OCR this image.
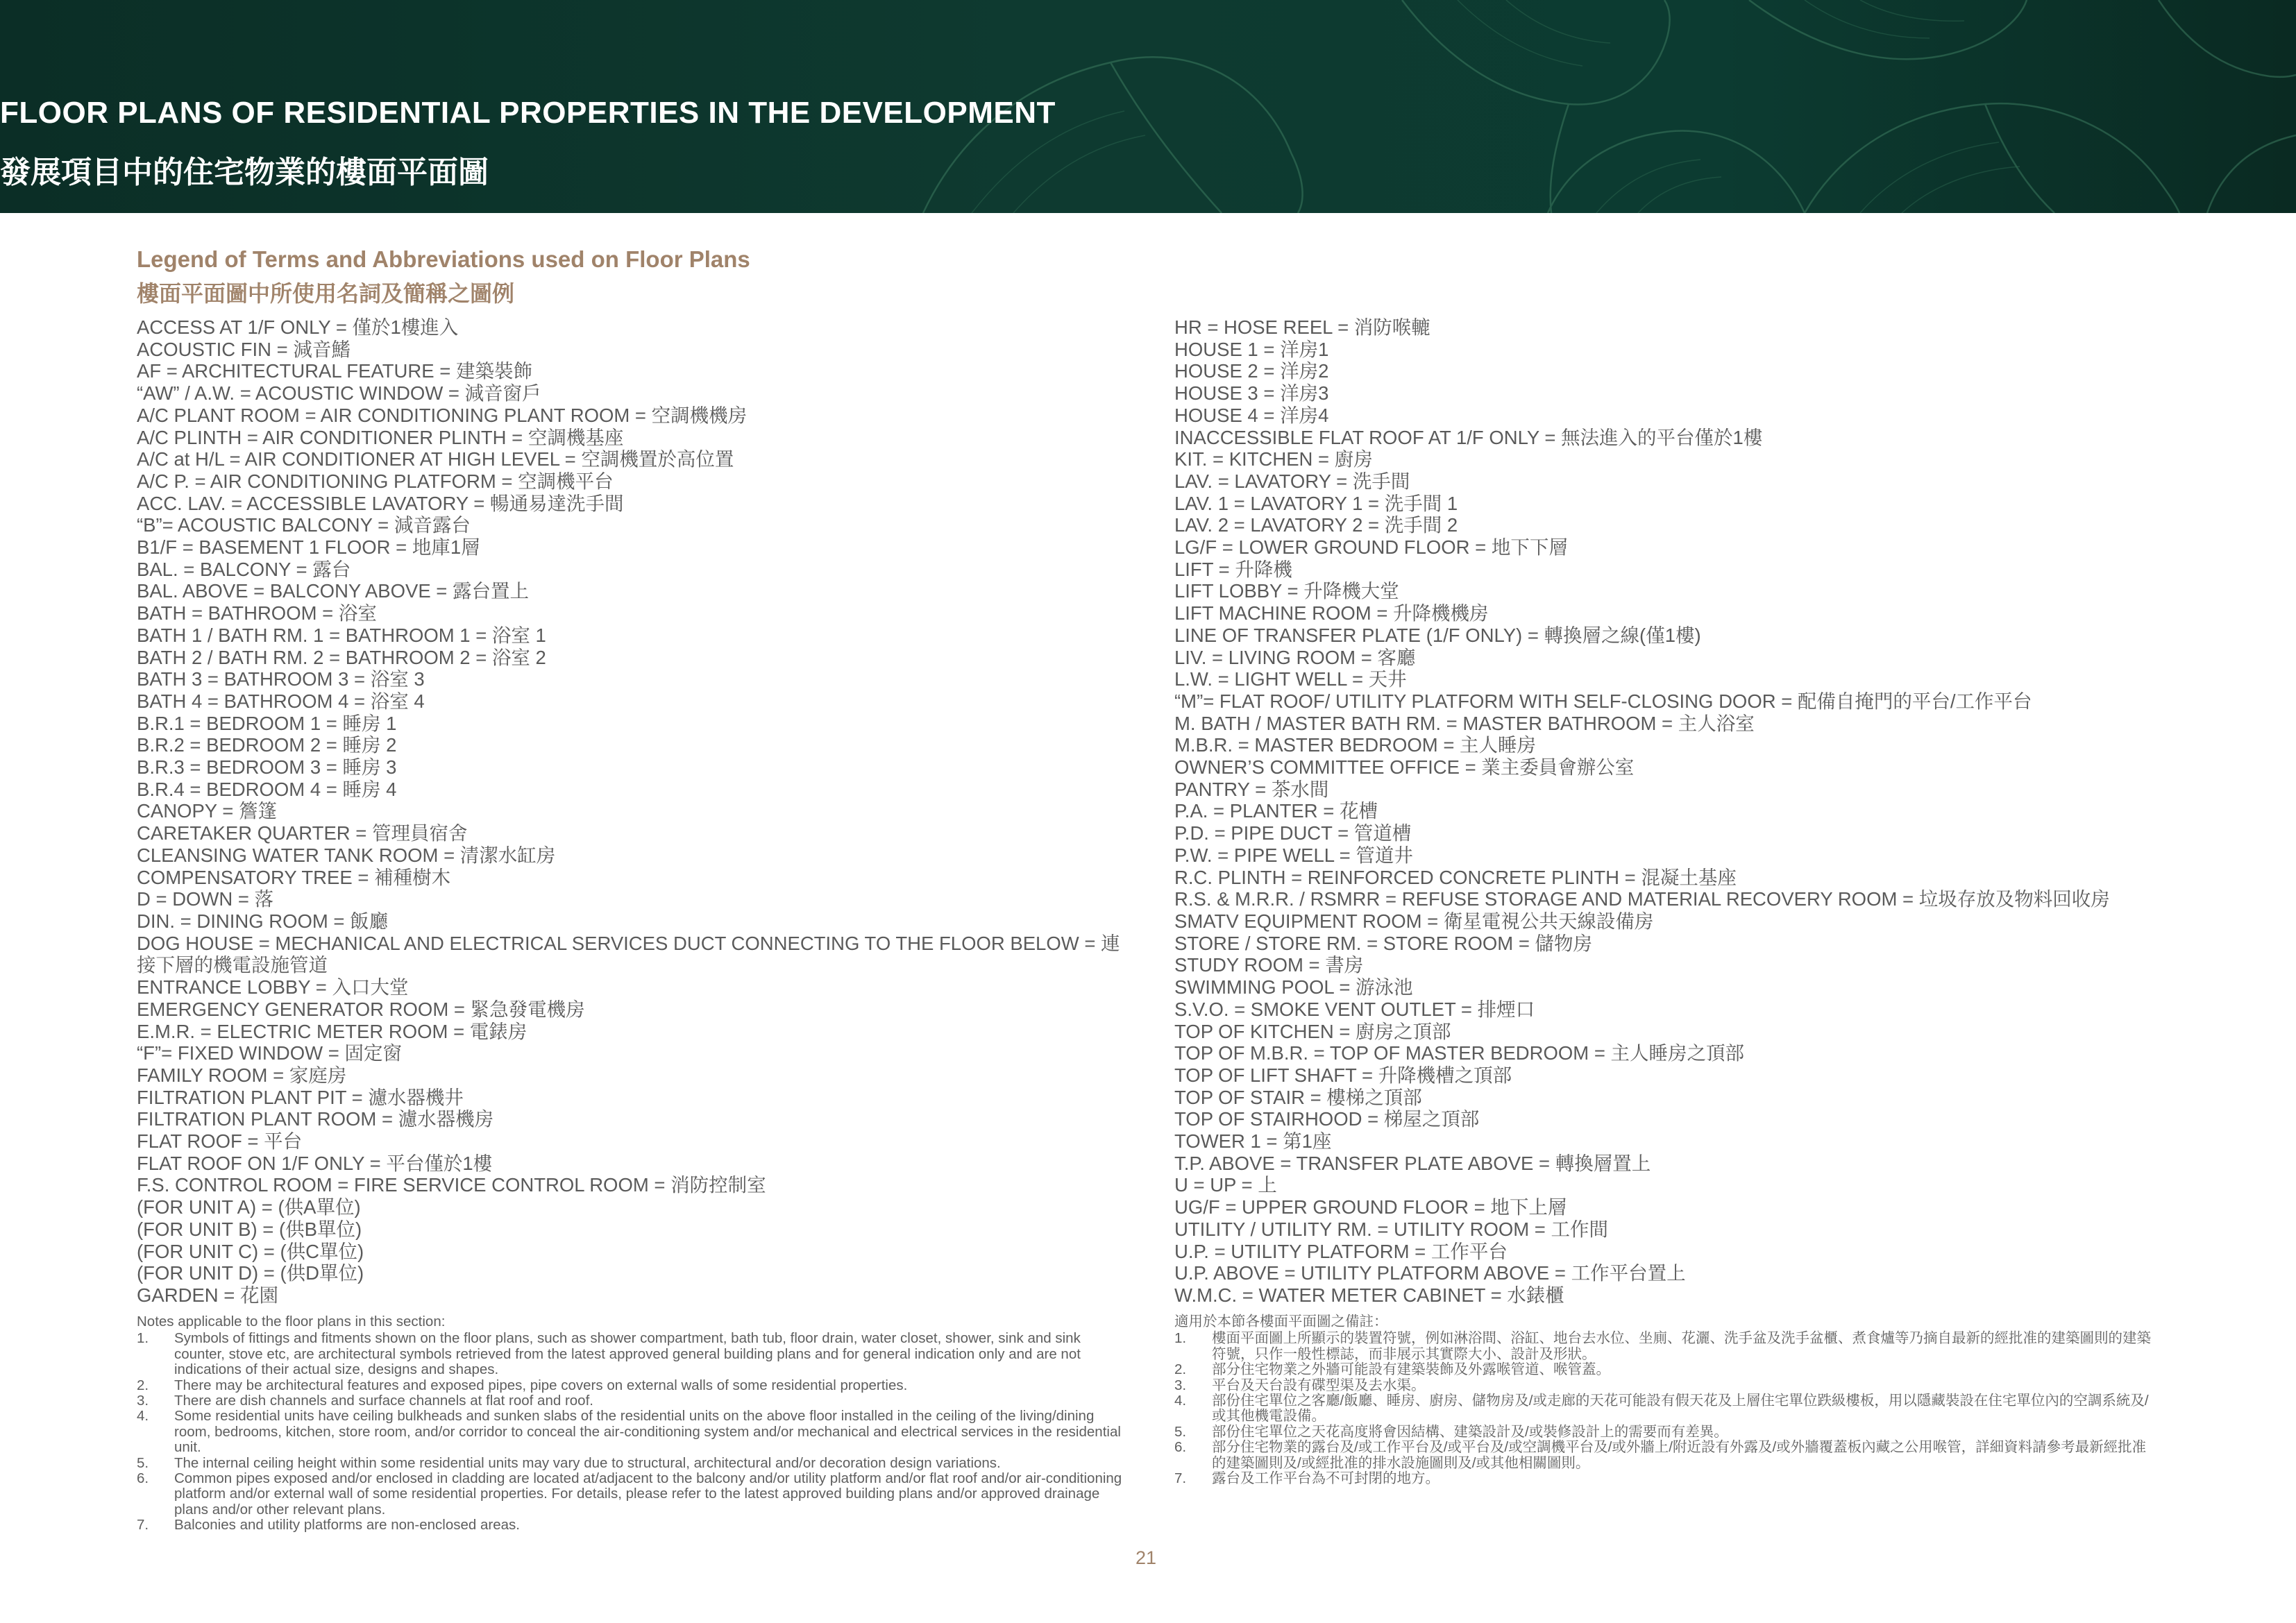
FLOOR PLANS OF RESIDENTIAL PROPERTIES IN THE DEVELOPMENT
發展項目中的住宅物業的樓面平面圖
Legend of Terms and Abbreviations used on Floor Plans
樓面平面圖中所使用名詞及簡稱之圖例
ACCESS AT 1/F ONLY = 僅於1樓進入
ACOUSTIC FIN = 減音鰭
AF = ARCHITECTURAL FEATURE = 建築裝飾
“AW” / A.W. = ACOUSTIC WINDOW = 減音窗戶
A/C PLANT ROOM = AIR CONDITIONING PLANT ROOM = 空調機機房
A/C PLINTH = AIR CONDITIONER PLINTH = 空調機基座
A/C at H/L = AIR CONDITIONER AT HIGH LEVEL = 空調機置於高位置
A/C P. = AIR CONDITIONING PLATFORM = 空調機平台
ACC. LAV. = ACCESSIBLE LAVATORY = 暢通易達洗手間
“B”= ACOUSTIC BALCONY = 減音露台
B1/F = BASEMENT 1 FLOOR = 地庫1層
BAL. = BALCONY = 露台
BAL. ABOVE = BALCONY ABOVE = 露台置上
BATH = BATHROOM = 浴室
BATH 1 / BATH RM. 1 = BATHROOM 1 = 浴室 1
BATH 2 / BATH RM. 2 = BATHROOM 2 = 浴室 2
BATH 3 = BATHROOM 3 = 浴室 3
BATH 4 = BATHROOM 4 = 浴室 4
B.R.1 = BEDROOM 1 = 睡房 1
B.R.2 = BEDROOM 2 = 睡房 2
B.R.3 = BEDROOM 3 = 睡房 3
B.R.4 = BEDROOM 4 = 睡房 4
CANOPY = 簷篷
CARETAKER QUARTER = 管理員宿舍
CLEANSING WATER TANK ROOM = 清潔水缸房
COMPENSATORY TREE = 補種樹木
D = DOWN = 落
DIN. = DINING ROOM = 飯廳
DOG HOUSE = MECHANICAL AND ELECTRICAL SERVICES DUCT CONNECTING TO THE FLOOR BELOW = 連接下層的機電設施管道
ENTRANCE LOBBY = 入口大堂
EMERGENCY GENERATOR ROOM = 緊急發電機房
E.M.R. = ELECTRIC METER ROOM = 電錶房
“F”= FIXED WINDOW = 固定窗
FAMILY ROOM = 家庭房
FILTRATION PLANT PIT = 濾水器機井
FILTRATION PLANT ROOM = 濾水器機房
FLAT ROOF = 平台
FLAT ROOF ON 1/F ONLY = 平台僅於1樓
F.S. CONTROL ROOM = FIRE SERVICE CONTROL ROOM = 消防控制室
(FOR UNIT A) = (供A單位)
(FOR UNIT B) = (供B單位)
(FOR UNIT C) = (供C單位)
(FOR UNIT D) = (供D單位)
GARDEN = 花園
HR = HOSE REEL = 消防喉轆
HOUSE 1 = 洋房1
HOUSE 2 = 洋房2
HOUSE 3 = 洋房3
HOUSE 4 = 洋房4
INACCESSIBLE FLAT ROOF AT 1/F ONLY = 無法進入的平台僅於1樓
KIT. = KITCHEN = 廚房
LAV. = LAVATORY = 洗手間
LAV. 1 = LAVATORY 1 = 洗手間 1
LAV. 2 = LAVATORY 2 = 洗手間 2
LG/F = LOWER GROUND FLOOR = 地下下層
LIFT = 升降機
LIFT LOBBY = 升降機大堂
LIFT MACHINE ROOM = 升降機機房
LINE OF TRANSFER PLATE (1/F ONLY) = 轉換層之線(僅1樓)
LIV. = LIVING ROOM = 客廳
L.W. = LIGHT WELL = 天井
“M”= FLAT ROOF/ UTILITY PLATFORM WITH SELF-CLOSING DOOR = 配備自掩門的平台/工作平台
M. BATH / MASTER BATH RM. = MASTER BATHROOM = 主人浴室
M.B.R. = MASTER BEDROOM = 主人睡房
OWNER’S COMMITTEE OFFICE = 業主委員會辦公室
PANTRY = 茶水間
P.A. = PLANTER = 花槽
P.D. = PIPE DUCT = 管道槽
P.W. = PIPE WELL = 管道井
R.C. PLINTH = REINFORCED CONCRETE PLINTH = 混凝土基座
R.S. & M.R.R. / RSMRR = REFUSE STORAGE AND MATERIAL RECOVERY ROOM = 垃圾存放及物料回收房
SMATV EQUIPMENT ROOM = 衛星電視公共天線設備房
STORE / STORE RM. = STORE ROOM = 儲物房
STUDY ROOM = 書房
SWIMMING POOL = 游泳池
S.V.O. = SMOKE VENT OUTLET = 排煙口
TOP OF KITCHEN = 廚房之頂部
TOP OF M.B.R. = TOP OF MASTER BEDROOM = 主人睡房之頂部
TOP OF LIFT SHAFT = 升降機槽之頂部
TOP OF STAIR = 樓梯之頂部
TOP OF STAIRHOOD = 梯屋之頂部
TOWER 1 = 第1座
T.P. ABOVE = TRANSFER PLATE ABOVE = 轉換層置上
U = UP = 上
UG/F = UPPER GROUND FLOOR = 地下上層
UTILITY / UTILITY RM. = UTILITY ROOM = 工作間
U.P. = UTILITY PLATFORM = 工作平台
U.P. ABOVE = UTILITY PLATFORM ABOVE = 工作平台置上
W.M.C. = WATER METER CABINET = 水錶櫃
Notes applicable to the floor plans in this section:
1.	Symbols of fittings and fitments shown on the floor plans, such as shower compartment, bath tub, floor drain, water closet, shower, sink and sink counter, stove etc, are architectural symbols retrieved from the latest approved general building plans and for general indication only and are not indications of their actual size, designs and shapes.
2.	There may be architectural features and exposed pipes, pipe covers on external walls of some residential properties.
3.	There are dish channels and surface channels at flat roof and roof.
4.	Some residential units have ceiling bulkheads and sunken slabs of the residential units on the above floor installed in the ceiling of the living/dining room, bedrooms, kitchen, store room, and/or corridor to conceal the air-conditioning system and/or mechanical and electrical services in the residential unit.
5.	The internal ceiling height within some residential units may vary due to structural, architectural and/or decoration design variations.
6.	Common pipes exposed and/or enclosed in cladding are located at/adjacent to the balcony and/or utility platform and/or flat roof and/or air-conditioning platform and/or external wall of some residential properties. For details, please refer to the latest approved building plans and/or approved drainage plans and/or other relevant plans.
7.	Balconies and utility platforms are non-enclosed areas.
適用於本節各樓面平面圖之備註：
1.	樓面平面圖上所顯示的裝置符號，例如淋浴間、浴缸、地台去水位、坐廁、花灑、洗手盆及洗手盆櫃、煮食爐等乃摘自最新的經批准的建築圖則的建築符號，只作一般性標誌，而非展示其實際大小、設計及形狀。
2.	部分住宅物業之外牆可能設有建築裝飾及外露喉管道、喉管蓋。
3.	平台及天台設有碟型渠及去水渠。
4.	部份住宅單位之客廳/飯廳、睡房、廚房、儲物房及/或走廊的天花可能設有假天花及上層住宅單位跌級樓板，用以隱藏裝設在住宅單位內的空調系統及/或其他機電設備。
5.	部份住宅單位之天花高度將會因結構、建築設計及/或裝修設計上的需要而有差異。
6.	部分住宅物業的露台及/或工作平台及/或平台及/或空調機平台及/或外牆上/附近設有外露及/或外牆覆蓋板內藏之公用喉管，詳細資料請參考最新經批准的建築圖則及/或經批准的排水設施圖則及/或其他相關圖則。
7.	露台及工作平台為不可封閉的地方。
21
